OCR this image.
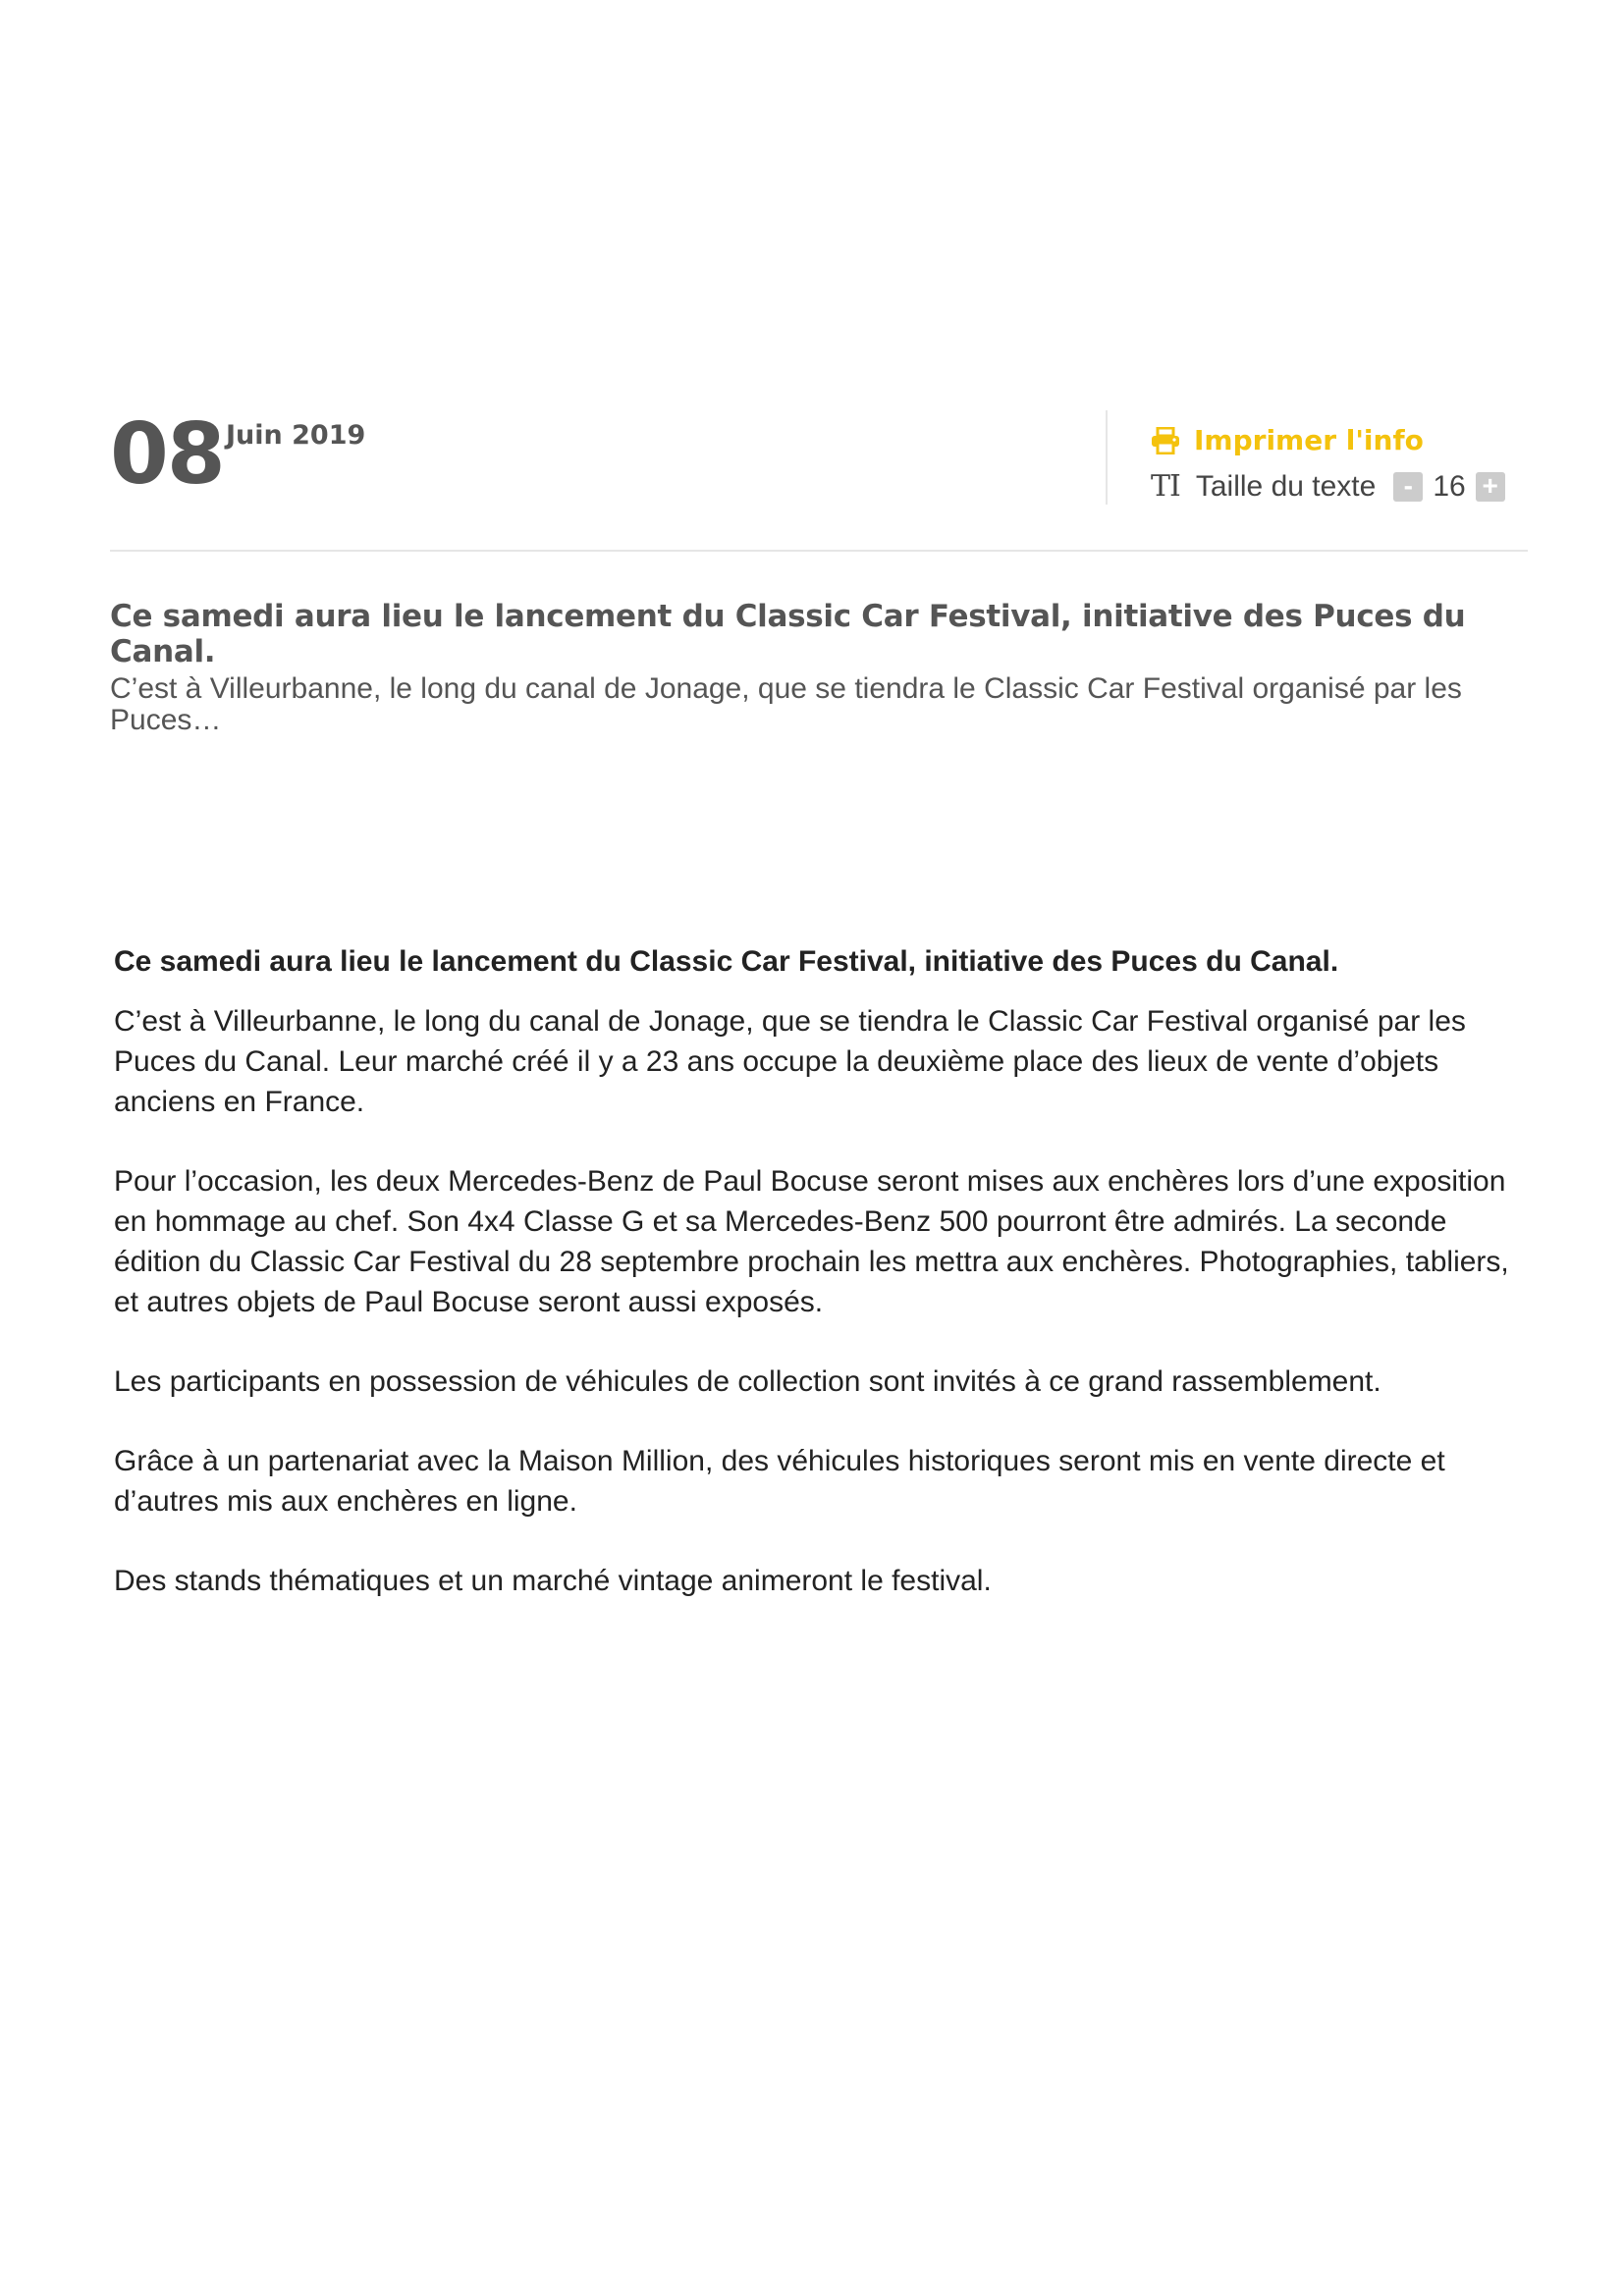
08 Juin 2019	Imprimer l'info
TI Taille du texte	- 16 +
Ce samedi aura lieu le lancement du Classic Car Festival, initiative des Puces du Canal.
C’est à Villeurbanne, le long du canal de Jonage, que se tiendra le Classic Car Festival organisé par les Puces…
Ce samedi aura lieu le lancement du Classic Car Festival, initiative des Puces du Canal.

C’est à Villeurbanne, le long du canal de Jonage, que se tiendra le Classic Car Festival organisé par les Puces du Canal. Leur marché créé il y a 23 ans occupe la deuxième place des lieux de vente d’objets anciens en France.

Pour l’occasion, les deux Mercedes-Benz de Paul Bocuse seront mises aux enchères lors d’une exposition en hommage au chef. Son 4x4 Classe G et sa Mercedes-Benz 500 pourront être admirés. La seconde édition du Classic Car Festival du 28 septembre prochain les mettra aux enchères. Photographies, tabliers, et autres objets de Paul Bocuse seront aussi exposés.

Les participants en possession de véhicules de collection sont invités à ce grand rassemblement.

Grâce à un partenariat avec la Maison Million, des véhicules historiques seront mis en vente directe et d’autres mis aux enchères en ligne.

Des stands thématiques et un marché vintage animeront le festival.
